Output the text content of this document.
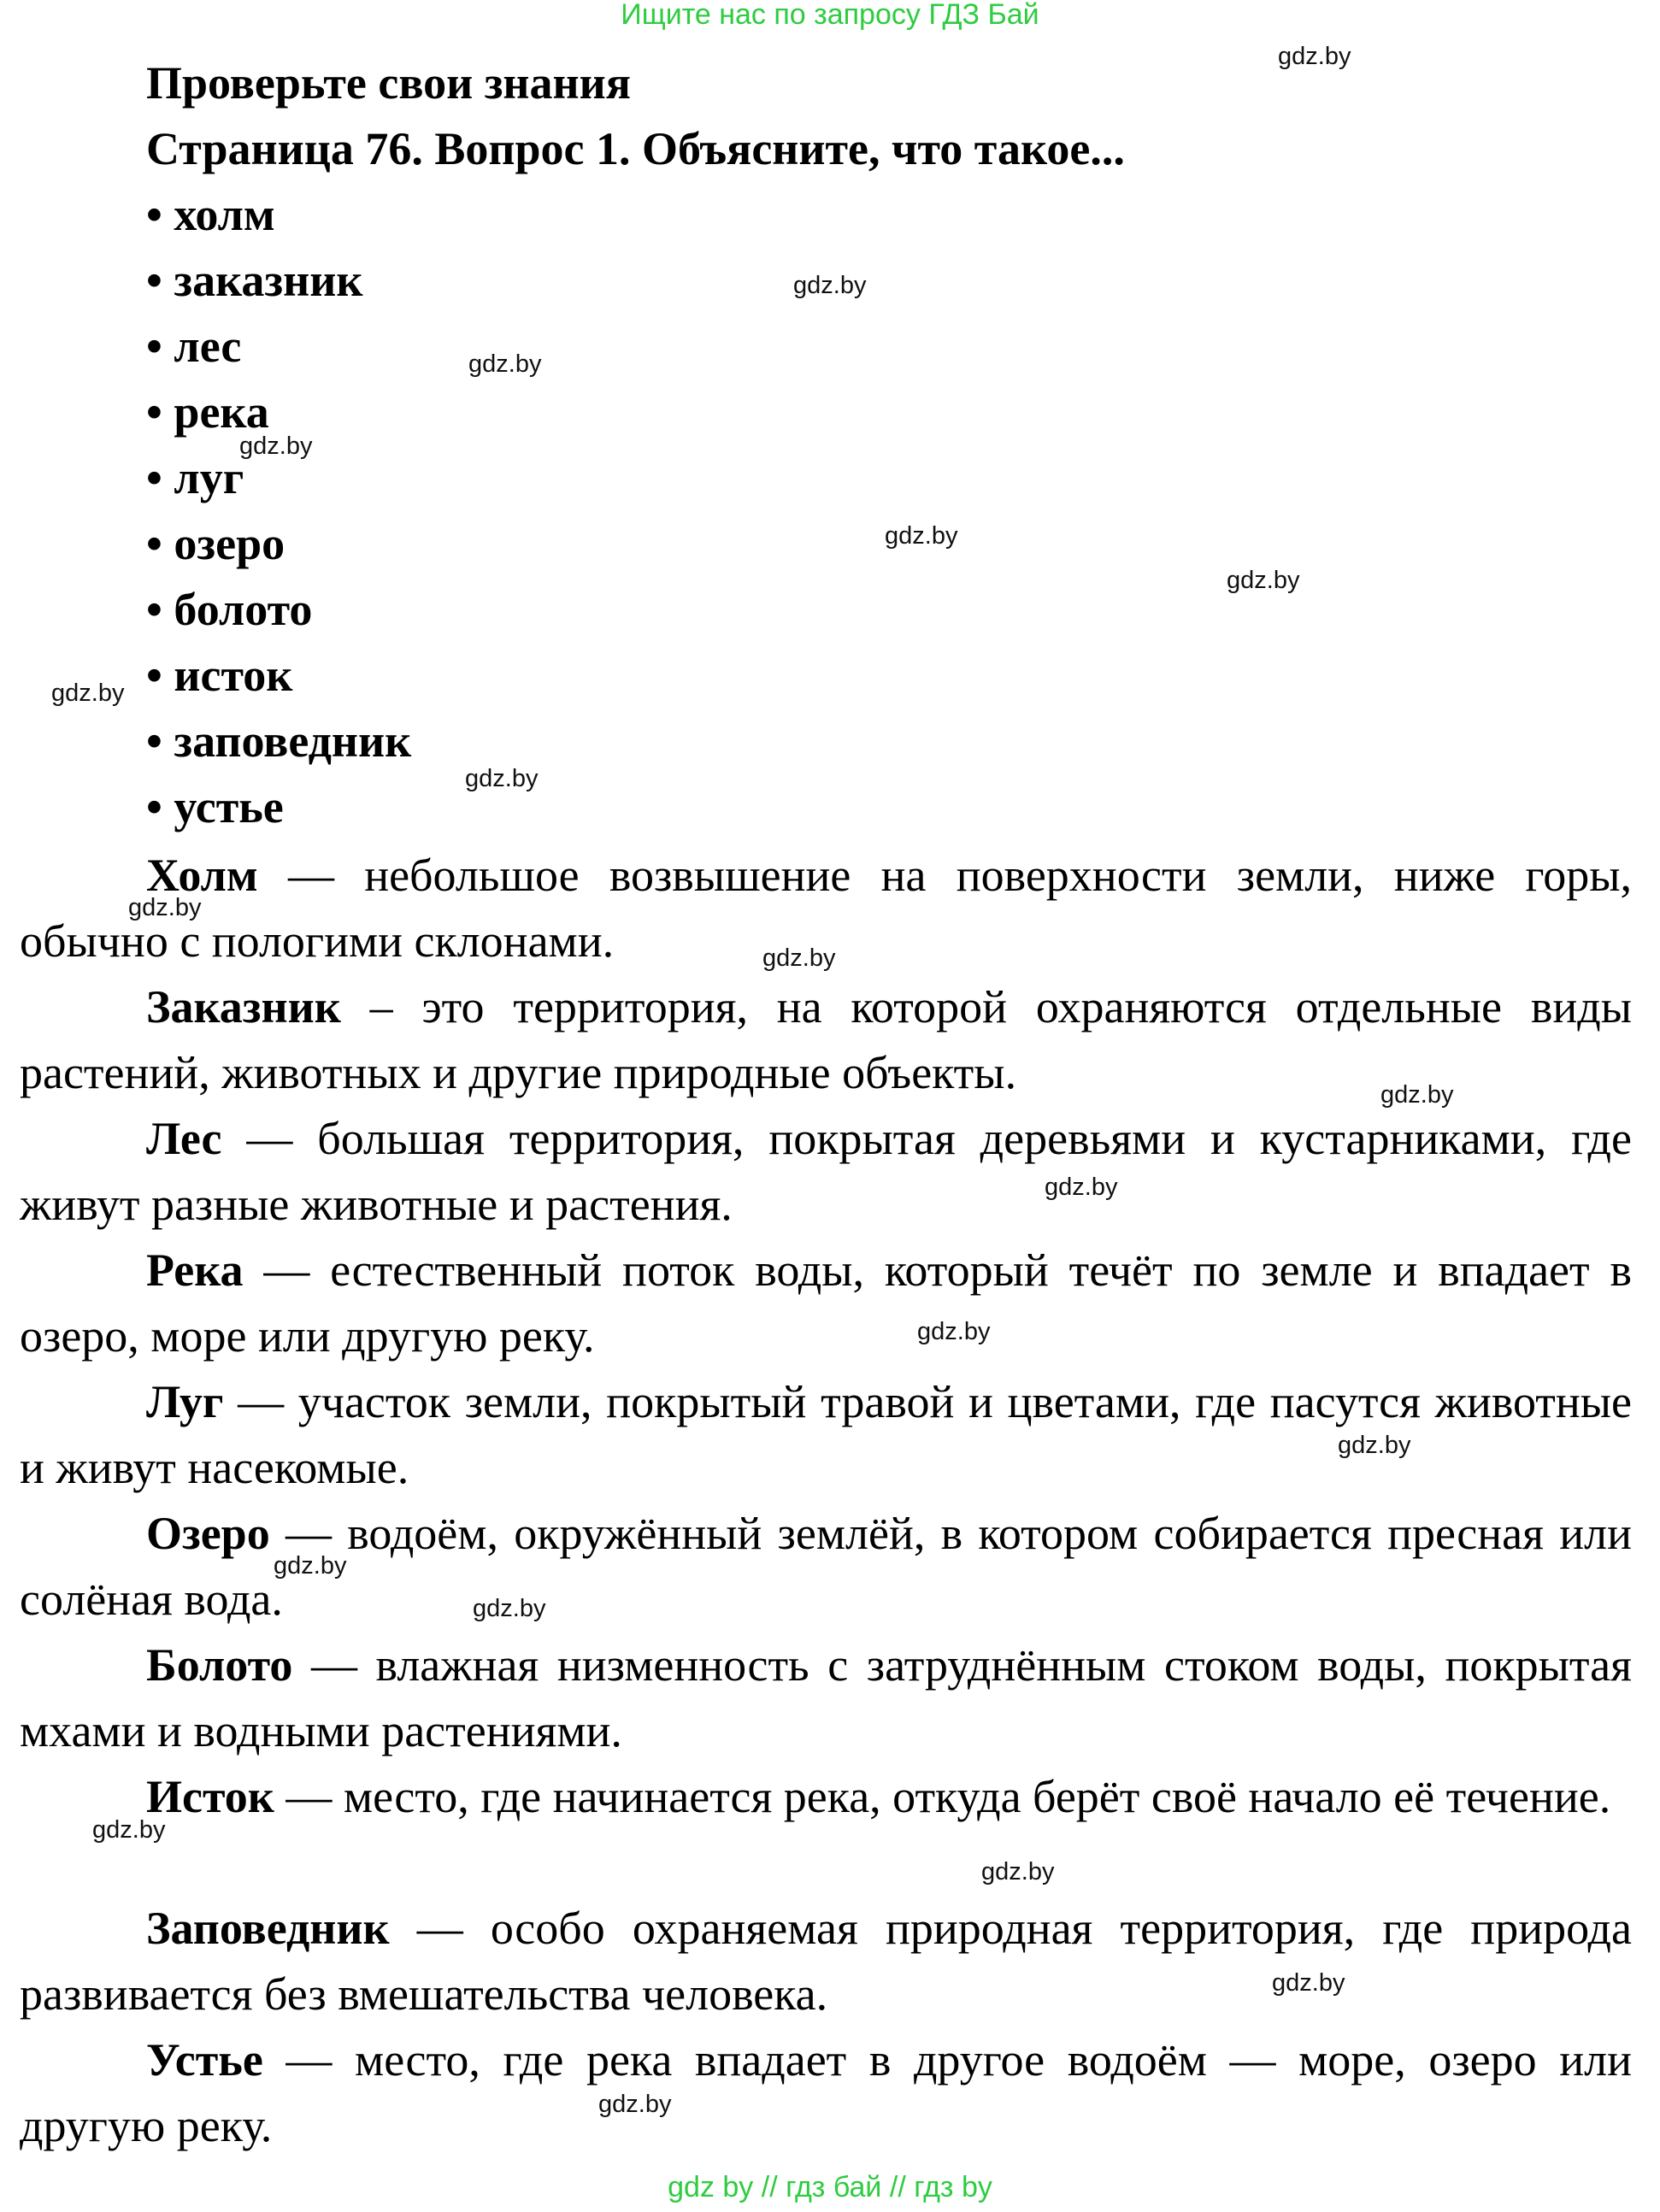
Ищите нас по запросу ГДЗ Бай
Проверьте свои знания
Страница 76. Вопрос 1. Объясните, что такое...
• холм
• заказник
• лес
• река
• луг
• озеро
• болото
• исток
• заповедник
• устье
Холм — небольшое возвышение на поверхности земли, ниже горы, обычно с пологими склонами.
Заказник – это территория, на которой охраняются отдельные виды растений, животных и другие природные объекты.
Лес — большая территория, покрытая деревьями и кустарниками, где живут разные животные и растения.
Река — естественный поток воды, который течёт по земле и впадает в озеро, море или другую реку.
Луг — участок земли, покрытый травой и цветами, где пасутся животные и живут насекомые.
Озеро — водоём, окружённый землёй, в котором собирается пресная или солёная вода.
Болото — влажная низменность с затруднённым стоком воды, покрытая мхами и водными растениями.
Исток — место, где начинается река, откуда берёт своё начало её течение.
Заповедник — особо охраняемая природная территория, где природа развивается без вмешательства человека.
Устье — место, где река впадает в другое водоём — море, озеро или другую реку.
gdz.by
gdz.by
gdz.by
gdz.by
gdz.by
gdz.by
gdz.by
gdz.by
gdz.by
gdz.by
gdz.by
gdz.by
gdz.by
gdz.by
gdz.by
gdz.by
gdz.by
gdz.by
gdz.by
gdz.by
gdz by // гдз бай // гдз by
